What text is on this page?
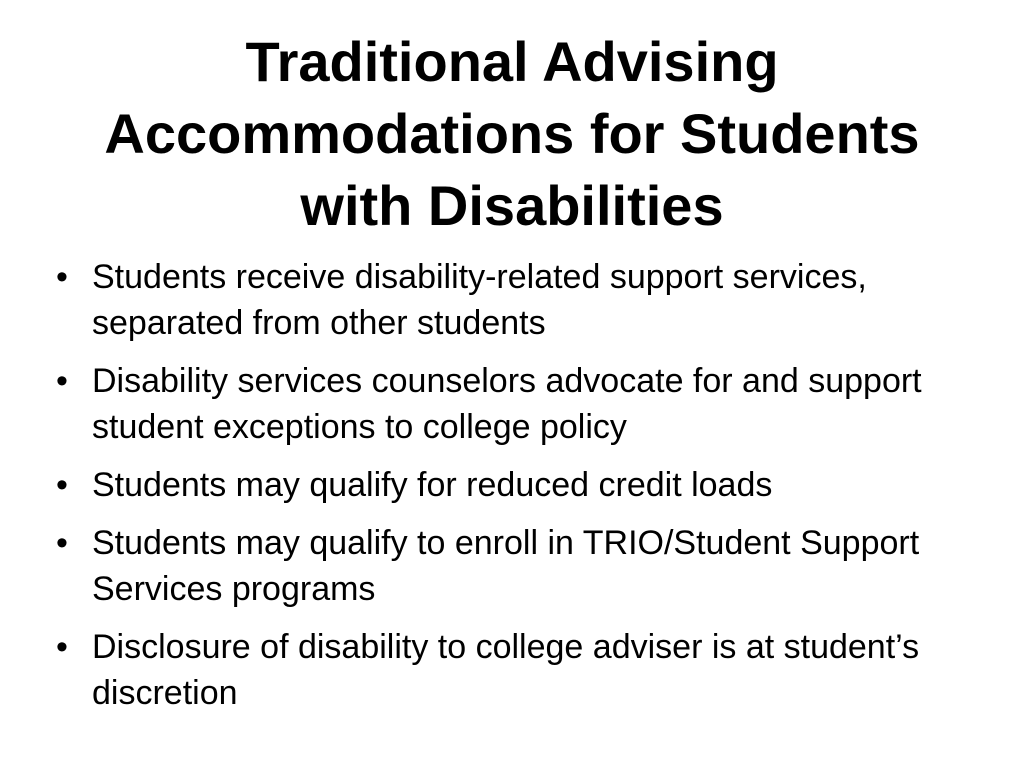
Traditional Advising
Accommodations for Students
with Disabilities
• Students receive disability-related support services, separated from other students
• Disability services counselors advocate for and support student exceptions to college policy
• Students may qualify for reduced credit loads
• Students may qualify to enroll in TRIO/Student Support Services programs
• Disclosure of disability to college adviser is at student’s discretion
